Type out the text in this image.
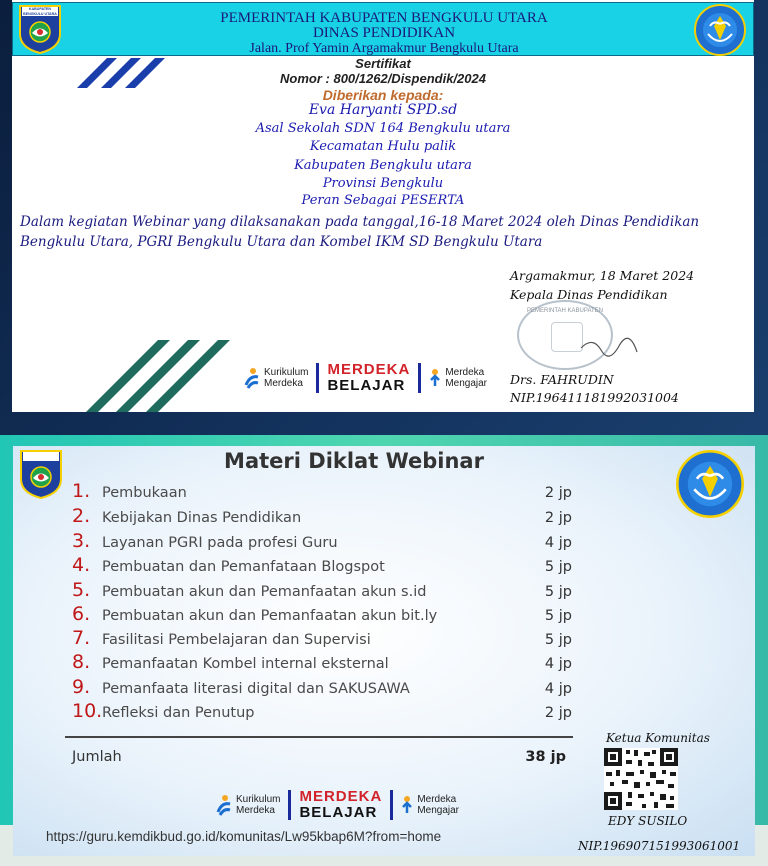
PEMERINTAH KABUPATEN BENGKULU UTARA
DINAS PENDIDIKAN
Jalan. Prof Yamin Argamakmur Bengkulu Utara
KABUPATEN
BENGKULU UTARA
Sertifikat
Nomor : 800/1262/Dispendik/2024
Diberikan kepada:
Eva Haryanti SPD.sd
Asal Sekolah SDN 164 Bengkulu utara
Kecamatan Hulu palik
Kabupaten Bengkulu utara
Provinsi Bengkulu
Peran Sebagai PESERTA
Dalam kegiatan Webinar yang dilaksanakan pada tanggal,16-18 Maret 2024 oleh Dinas Pendidikan
Bengkulu Utara, PGRI Bengkulu Utara dan Kombel IKM SD Bengkulu Utara
Argamakmur, 18 Maret 2024
Kepala Dinas Pendidikan
PEMERINTAH KABUPATEN
Drs. FAHRUDIN
NIP.196411181992031004
Kurikulum
Merdeka
MERDEKA
BELAJAR
Merdeka
Mengajar
Materi Diklat Webinar
1. Pembukaan	2 jp
2. Kebijakan Dinas Pendidikan	2 jp
3. Layanan PGRI pada profesi Guru	4 jp
4. Pembuatan dan Pemanfataan Blogspot	5 jp
5. Pembuatan akun dan Pemanfaatan akun s.id	5 jp
6. Pembuatan akun dan Pemanfaatan akun bit.ly	5 jp
7. Fasilitasi Pembelajaran dan Supervisi	5 jp
8. Pemanfaatan Kombel internal eksternal	4 jp
9. Pemanfaata literasi digital dan SAKUSAWA	4 jp
10. Refleksi dan Penutup	2 jp
Jumlah	38 jp
Ketua Komunitas
EDY SUSILO
NIP.196907151993061001
Kurikulum
Merdeka
MERDEKA
BELAJAR
Merdeka
Mengajar
https://guru.kemdikbud.go.id/komunitas/Lw95kbap6M?from=home
